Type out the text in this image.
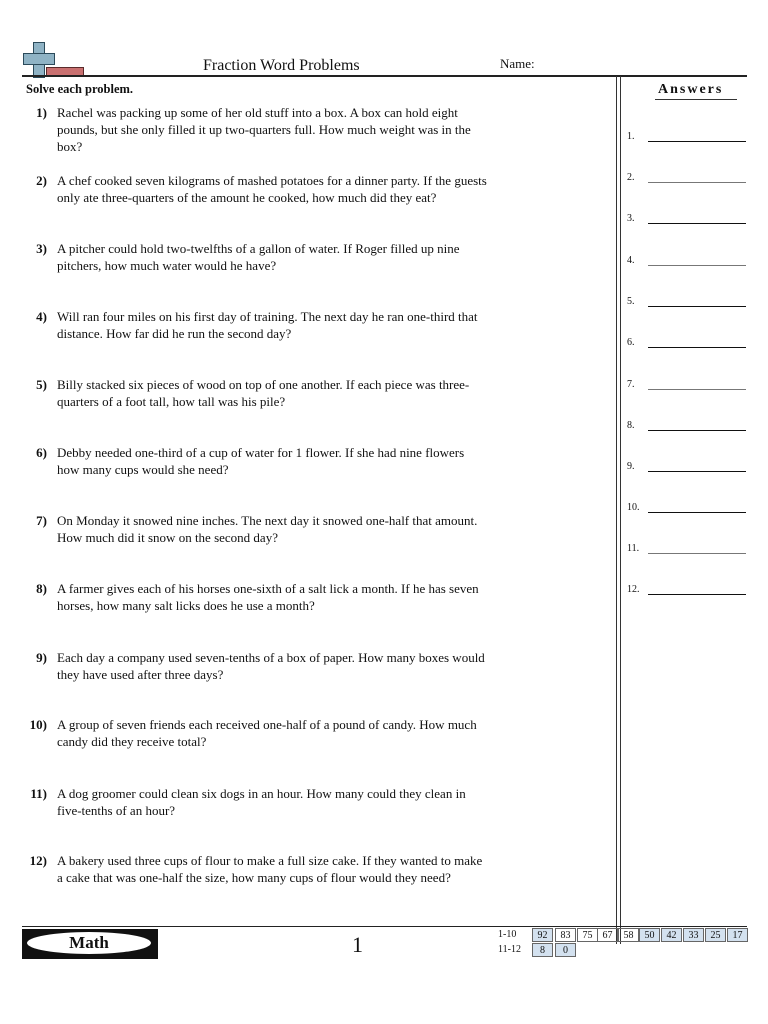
Fraction Word Problems	Name:
Solve each problem.
1) Rachel was packing up some of her old stuff into a box. A box can hold eight pounds, but she only filled it up two-quarters full. How much weight was in the box?
2) A chef cooked seven kilograms of mashed potatoes for a dinner party. If the guests only ate three-quarters of the amount he cooked, how much did they eat?
3) A pitcher could hold two-twelfths of a gallon of water. If Roger filled up nine pitchers, how much water would he have?
4) Will ran four miles on his first day of training. The next day he ran one-third that distance. How far did he run the second day?
5) Billy stacked six pieces of wood on top of one another. If each piece was three-quarters of a foot tall, how tall was his pile?
6) Debby needed one-third of a cup of water for 1 flower. If she had nine flowers how many cups would she need?
7) On Monday it snowed nine inches. The next day it snowed one-half that amount. How much did it snow on the second day?
8) A farmer gives each of his horses one-sixth of a salt lick a month. If he has seven horses, how many salt licks does he use a month?
9) Each day a company used seven-tenths of a box of paper. How many boxes would they have used after three days?
10) A group of seven friends each received one-half of a pound of candy. How much candy did they receive total?
11) A dog groomer could clean six dogs in an hour. How many could they clean in five-tenths of an hour?
12) A bakery used three cups of flour to make a full size cake. If they wanted to make a cake that was one-half the size, how many cups of flour would they need?
Answers
1.
2.
3.
4.
5.
6.
7.
8.
9.
10.
11.
12.
Math	1	1-10	92	83	75	67	58	50	42	33	25	17
11-12	8	0
